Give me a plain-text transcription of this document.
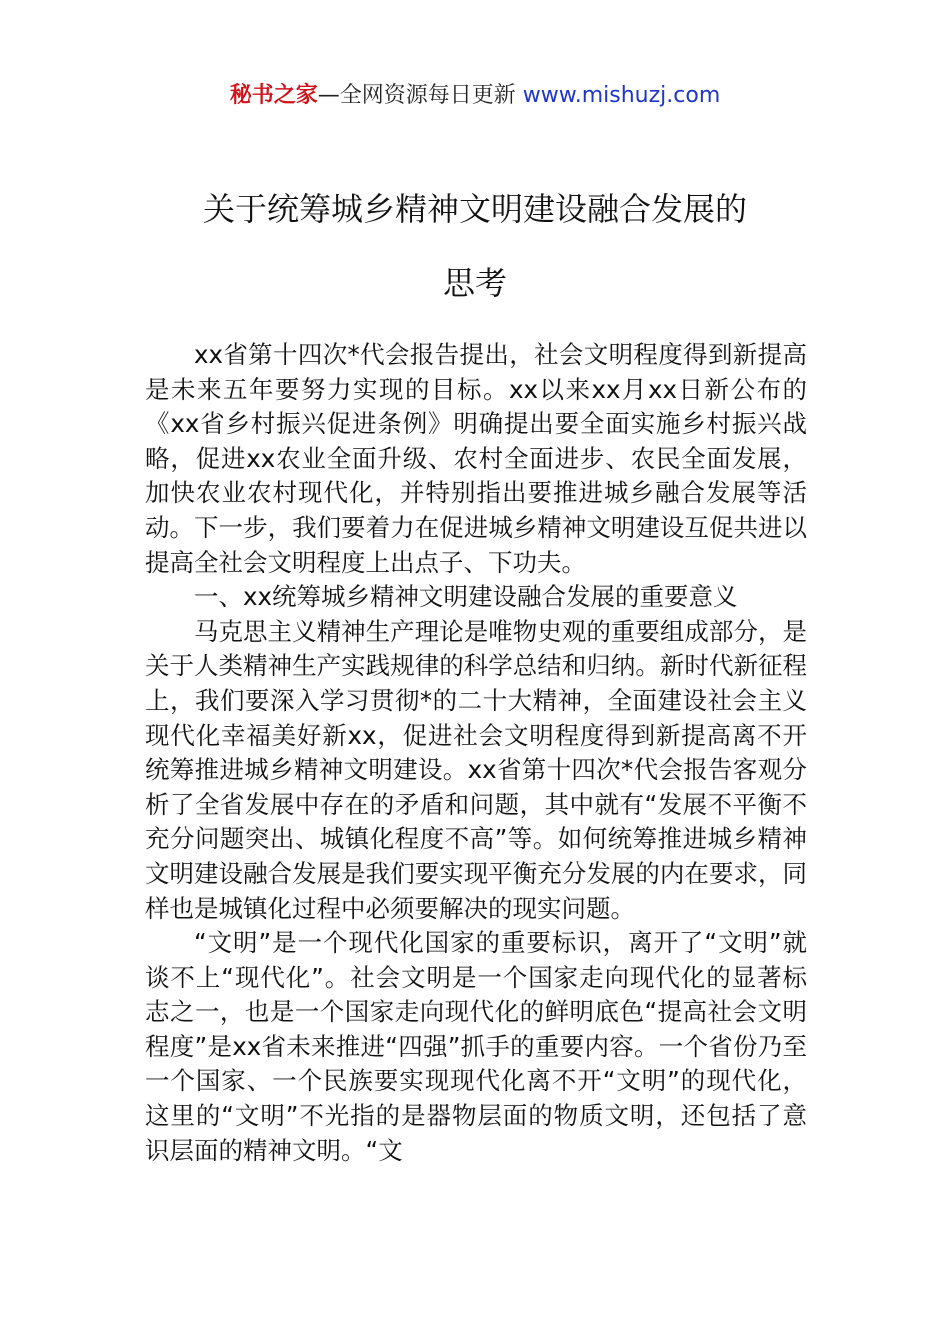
秘书之家—全网资源每日更新 www.mishuzj.com
关于统筹城乡精神文明建设融合发展的
思考

xx省第十四次*代会报告提出，社会文明程度得到新提高是未来五年要努力实现的目标。xx以来xx月xx日新公布的《xx省乡村振兴促进条例》明确提出要全面实施乡村振兴战略，促进xx农业全面升级、农村全面进步、农民全面发展，加快农业农村现代化，并特别指出要推进城乡融合发展等活动。下一步，我们要着力在促进城乡精神文明建设互促共进以提高全社会文明程度上出点子、下功夫。

一、xx统筹城乡精神文明建设融合发展的重要意义

马克思主义精神生产理论是唯物史观的重要组成部分，是关于人类精神生产实践规律的科学总结和归纳。新时代新征程上，我们要深入学习贯彻*的二十大精神，全面建设社会主义现代化幸福美好新xx，促进社会文明程度得到新提高离不开统筹推进城乡精神文明建设。xx省第十四次*代会报告客观分析了全省发展中存在的矛盾和问题，其中就有“发展不平衡不充分问题突出、城镇化程度不高”等。如何统筹推进城乡精神文明建设融合发展是我们要实现平衡充分发展的内在要求，同样也是城镇化过程中必须要解决的现实问题。

“文明”是一个现代化国家的重要标识，离开了“文明”就谈不上“现代化”。社会文明是一个国家走向现代化的显著标志之一，也是一个国家走向现代化的鲜明底色“提高社会文明程度”是xx省未来推进“四强”抓手的重要内容。一个省份乃至一个国家、一个民族要实现现代化离不开“文明”的现代化，这里的“文明”不光指的是器物层面的物质文明，还包括了意识层面的精神文明。“文
